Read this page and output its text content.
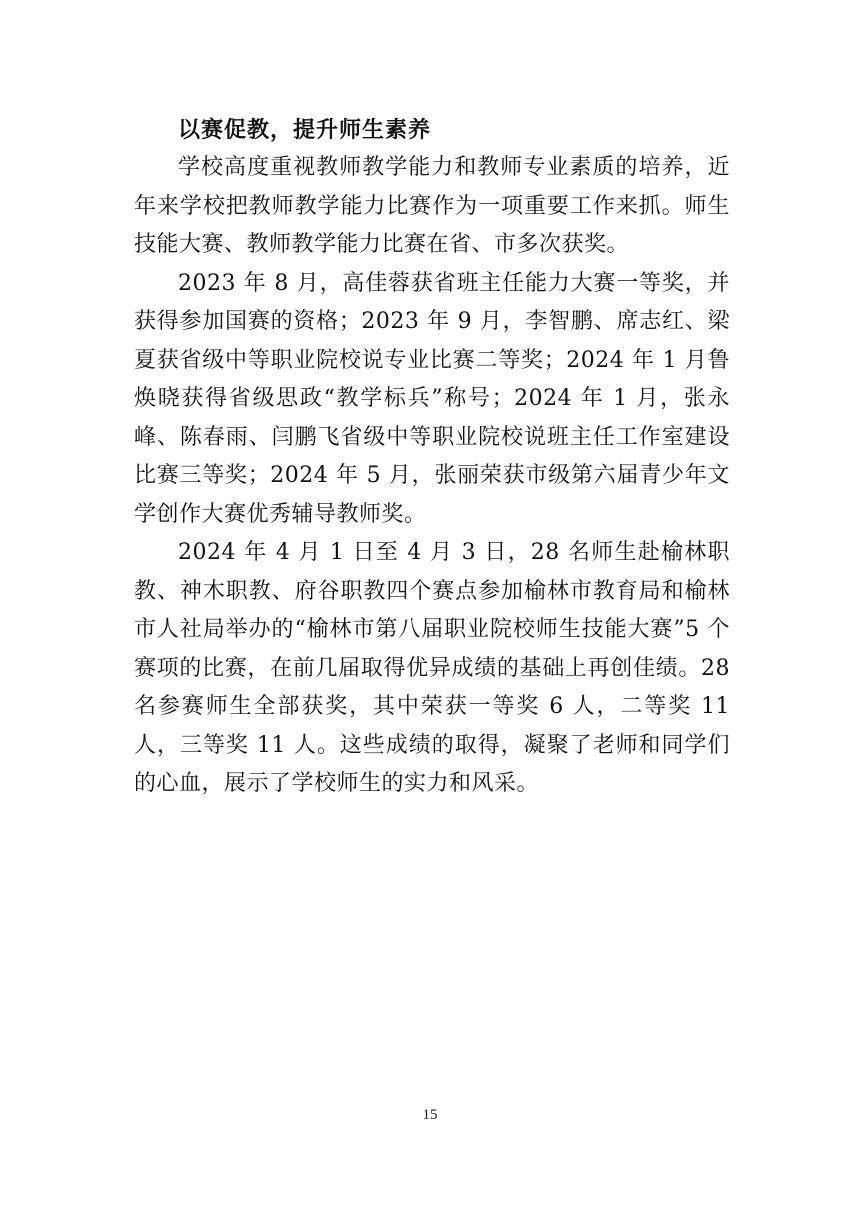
以赛促教，提升师生素养

学校高度重视教师教学能力和教师专业素质的培养，近年来学校把教师教学能力比赛作为一项重要工作来抓。师生技能大赛、教师教学能力比赛在省、市多次获奖。

2023 年 8 月，高佳蓉获省班主任能力大赛一等奖，并获得参加国赛的资格；2023 年 9 月，李智鹏、席志红、梁夏获省级中等职业院校说专业比赛二等奖；2024 年 1 月鲁焕晓获得省级思政“教学标兵”称号；2024 年 1 月，张永峰、陈春雨、闫鹏飞省级中等职业院校说班主任工作室建设比赛三等奖；2024 年 5 月，张丽荣获市级第六届青少年文学创作大赛优秀辅导教师奖。

2024 年 4 月 1 日至 4 月 3 日，28 名师生赴榆林职教、神木职教、府谷职教四个赛点参加榆林市教育局和榆林市人社局举办的“榆林市第八届职业院校师生技能大赛”5 个赛项的比赛，在前几届取得优异成绩的基础上再创佳绩。28 名参赛师生全部获奖，其中荣获一等奖 6 人，二等奖 11 人，三等奖 11 人。这些成绩的取得，凝聚了老师和同学们的心血，展示了学校师生的实力和风采。

15
